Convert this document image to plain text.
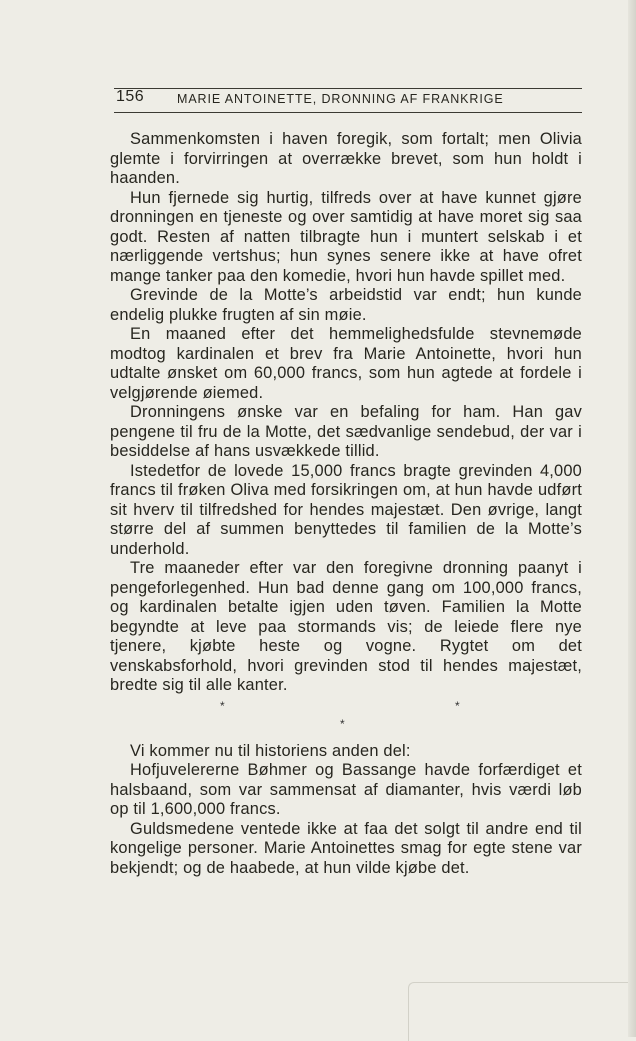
156	MARIE ANTOINETTE, DRONNING AF FRANKRIGE

Sammenkomsten i haven foregik, som fortalt; men Olivia glemte i forvirringen at overrække brevet, som hun holdt i haanden.

Hun fjernede sig hurtig, tilfreds over at have kunnet gjøre dronningen en tjeneste og over samtidig at have moret sig saa godt. Resten af natten tilbragte hun i muntert selskab i et nærliggende vertshus; hun synes senere ikke at have ofret mange tanker paa den komedie, hvori hun havde spillet med.

Grevinde de la Motte’s arbeidstid var endt; hun kunde endelig plukke frugten af sin møie.

En maaned efter det hemmelighedsfulde stevnemøde modtog kardinalen et brev fra Marie Antoinette, hvori hun udtalte ønsket om 60,000 francs, som hun agtede at fordele i velgjørende øiemed.

Dronningens ønske var en befaling for ham. Han gav pengene til fru de la Motte, det sædvanlige sendebud, der var i besiddelse af hans usvækkede tillid.

Istedetfor de lovede 15,000 francs bragte grevinden 4,000 francs til frøken Oliva med forsikringen om, at hun havde udført sit hverv til tilfredshed for hendes majestæt. Den øvrige, langt større del af summen benyttedes til familien de la Motte’s underhold.

Tre maaneder efter var den foregivne dronning paanyt i pengeforlegenhed. Hun bad denne gang om 100,000 francs, og kardinalen betalte igjen uden tøven. Familien la Motte begyndte at leve paa stormands vis; de leiede flere nye tjenere, kjøbte heste og vogne. Rygtet om det venskabsforhold, hvori grevinden stod til hendes majestæt, bredte sig til alle kanter.

*	*
*

Vi kommer nu til historiens anden del:

Hofjuvelererne Bøhmer og Bassange havde forfærdiget et halsbaand, som var sammensat af diamanter, hvis værdi løb op til 1,600,000 francs.

Guldsmedene ventede ikke at faa det solgt til andre end til kongelige personer. Marie Antoinettes smag for egte stene var bekjendt; og de haabede, at hun vilde kjøbe det.
